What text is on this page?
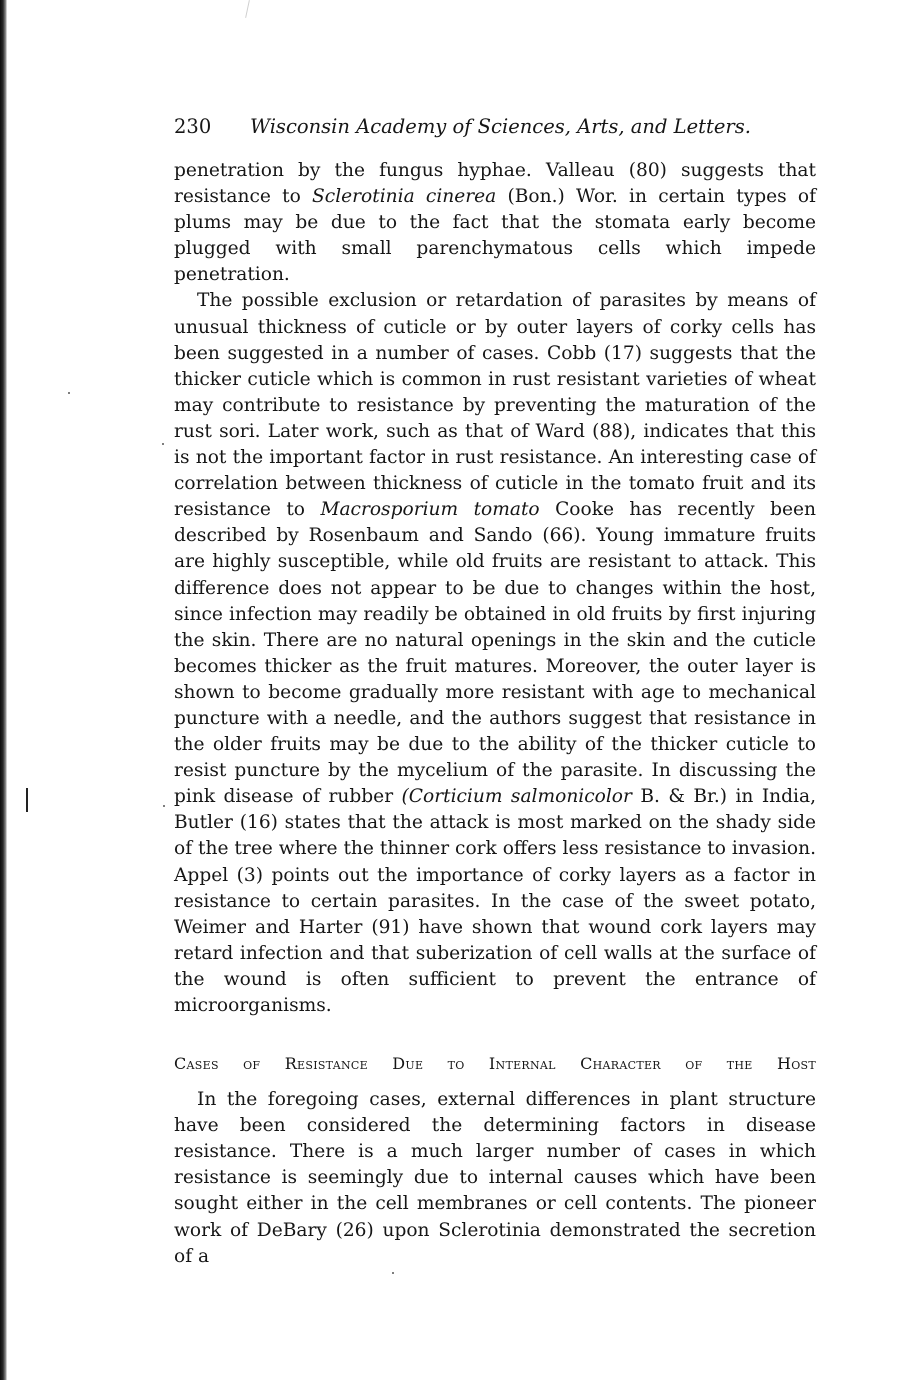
230 Wisconsin Academy of Sciences, Arts, and Letters.

penetration by the fungus hyphae. Valleau (80) suggests that resistance to Sclerotinia cinerea (Bon.) Wor. in certain types of plums may be due to the fact that the stomata early become plugged with small parenchymatous cells which impede penetration.

The possible exclusion or retardation of parasites by means of unusual thickness of cuticle or by outer layers of corky cells has been suggested in a number of cases. Cobb (17) suggests that the thicker cuticle which is common in rust resistant varieties of wheat may contribute to resistance by preventing the maturation of the rust sori. Later work, such as that of Ward (88), indicates that this is not the important factor in rust resistance. An interesting case of correlation between thickness of cuticle in the tomato fruit and its resistance to Macrosporium tomato Cooke has recently been described by Rosenbaum and Sando (66). Young immature fruits are highly susceptible, while old fruits are resistant to attack. This difference does not appear to be due to changes within the host, since infection may readily be obtained in old fruits by first injuring the skin. There are no natural openings in the skin and the cuticle becomes thicker as the fruit matures. Moreover, the outer layer is shown to become gradually more resistant with age to mechanical puncture with a needle, and the authors suggest that resistance in the older fruits may be due to the ability of the thicker cuticle to resist puncture by the mycelium of the parasite. In discussing the pink disease of rubber (Corticium salmonicolor B. & Br.) in India, Butler (16) states that the attack is most marked on the shady side of the tree where the thinner cork offers less resistance to invasion. Appel (3) points out the importance of corky layers as a factor in resistance to certain parasites. In the case of the sweet potato, Weimer and Harter (91) have shown that wound cork layers may retard infection and that suberization of cell walls at the surface of the wound is often sufficient to prevent the entrance of microorganisms.

Cases of Resistance Due to Internal Character of the Host

In the foregoing cases, external differences in plant structure have been considered the determining factors in disease resistance. There is a much larger number of cases in which resistance is seemingly due to internal causes which have been sought either in the cell membranes or cell contents. The pioneer work of DeBary (26) upon Sclerotinia demonstrated the secretion of a
